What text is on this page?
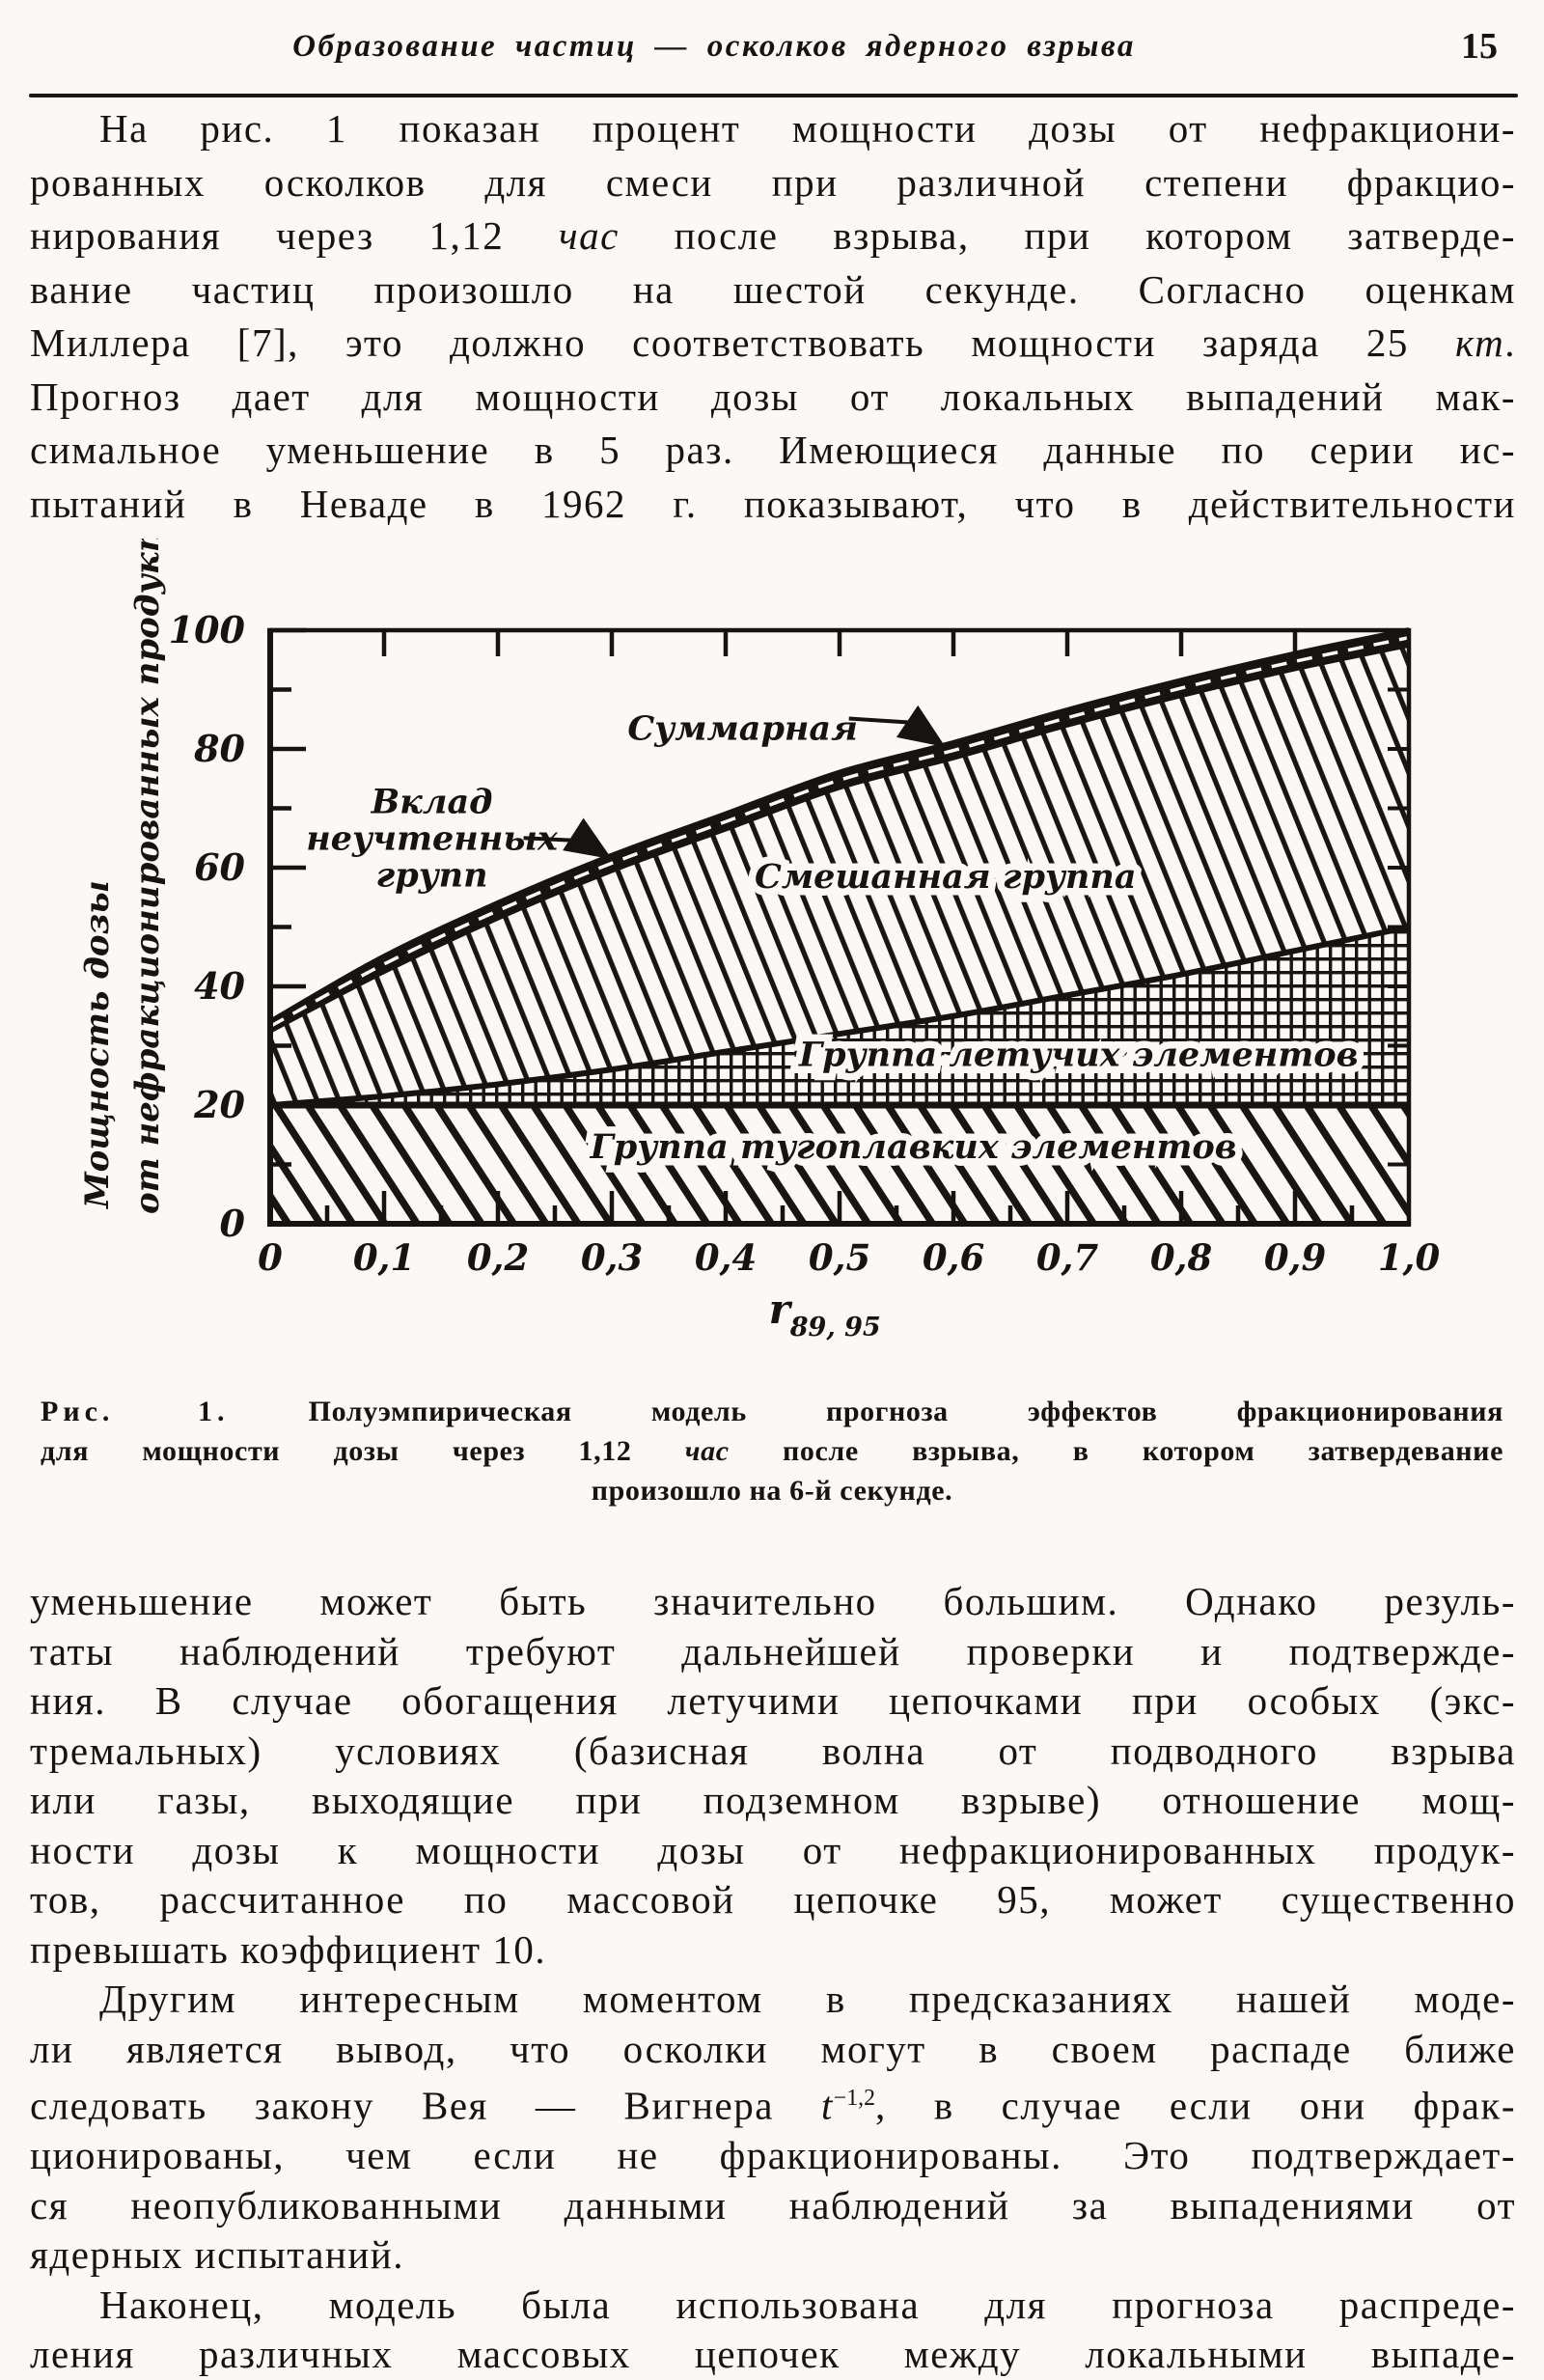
Образование частиц — осколков ядерного взрыва	15
На рис. 1 показан процент мощности дозы от нефракциони-
рованных осколков для смеси при различной степени фракцио-
нирования через 1,12 час после взрыва, при котором затверде-
вание частиц произошло на шестой секунде. Согласно оценкам
Миллера [7], это должно соответствовать мощности заряда 25 кт.
Прогноз дает для мощности дозы от локальных выпадений мак-
симальное уменьшение в 5 раз. Имеющиеся данные по серии ис-
пытаний в Неваде в 1962 г. показывают, что в действительности
0
20
40
60
80
100
0 0,1 0,2 0,3 0,4 0,5 0,6 0,7 0,8 0,9 1,0
$r_{89, 95}$
Мощность дозы от нефракционированных продуктов, %	Смешанная группа
Группа летучих элементов
Группа тугоплавких элементов
Суммарная
Вклад
неучтенных
групп
Рис. 1. Полуэмпирическая модель прогноза эффектов фракционирования
для мощности дозы через 1,12 час после взрыва, в котором затвердевание
произошло на 6-й секунде.
уменьшение может быть значительно большим. Однако резуль-
таты наблюдений требуют дальнейшей проверки и подтвержде-
ния. В случае обогащения летучими цепочками при особых (экс-
тремальных) условиях (базисная волна от подводного взрыва
или газы, выходящие при подземном взрыве) отношение мощ-
ности дозы к мощности дозы от нефракционированных продук-
тов, рассчитанное по массовой цепочке 95, может существенно
превышать коэффициент 10.
Другим интересным моментом в предсказаниях нашей моде-
ли является вывод, что осколки могут в своем распаде ближе
следовать закону Вея — Вигнера $t^{-1,2}$, в случае если они фрак-
ционированы, чем если не фракционированы. Это подтверждает-
ся неопубликованными данными наблюдений за выпадениями от
ядерных испытаний.
Наконец, модель была использована для прогноза распреде-
ления различных массовых цепочек между локальными выпаде-
